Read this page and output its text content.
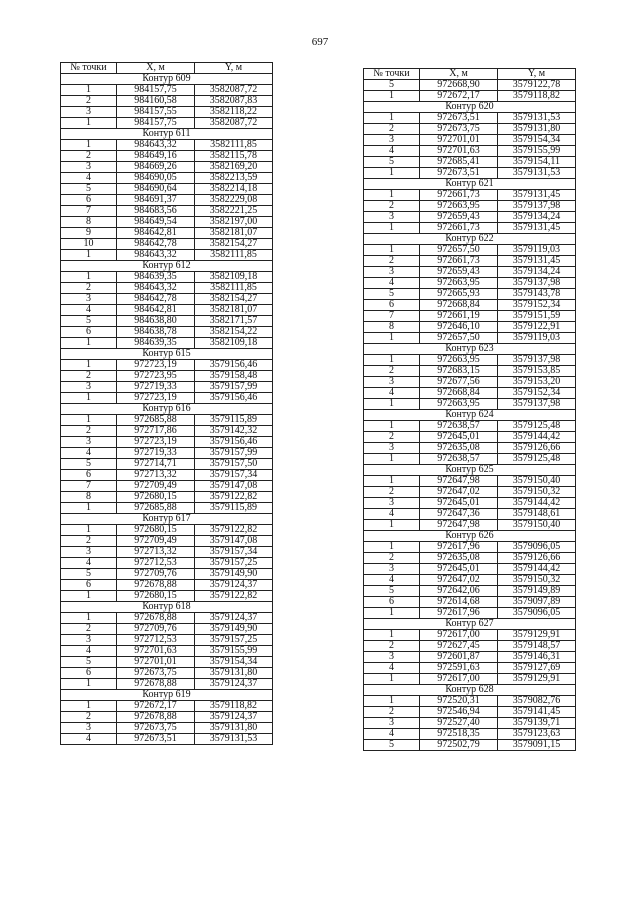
697
№ точки	Х, м	Y, м
Контур 609		
1	984157,75	3582087,72
2	984160,58	3582087,83
3	984157,55	3582118,22
1	984157,75	3582087,72
Контур 611		
1	984643,32	3582111,85
2	984649,16	3582115,78
3	984669,26	3582169,20
4	984690,05	3582213,59
5	984690,64	3582214,18
6	984691,37	3582229,08
7	984683,56	3582221,25
8	984649,54	3582197,00
9	984642,81	3582181,07
10	984642,78	3582154,27
1	984643,32	3582111,85
Контур 612		
1	984639,35	3582109,18
2	984643,32	3582111,85
3	984642,78	3582154,27
4	984642,81	3582181,07
5	984638,80	3582171,57
6	984638,78	3582154,22
1	984639,35	3582109,18
Контур 615		
1	972723,19	3579156,46
2	972723,95	3579158,48
3	972719,33	3579157,99
1	972723,19	3579156,46
Контур 616		
1	972685,88	3579115,89
2	972717,86	3579142,32
3	972723,19	3579156,46
4	972719,33	3579157,99
5	972714,71	3579157,50
6	972713,32	3579157,34
7	972709,49	3579147,08
8	972680,15	3579122,82
1	972685,88	3579115,89
Контур 617		
1	972680,15	3579122,82
2	972709,49	3579147,08
3	972713,32	3579157,34
4	972712,53	3579157,25
5	972709,76	3579149,90
6	972678,88	3579124,37
1	972680,15	3579122,82
Контур 618		
1	972678,88	3579124,37
2	972709,76	3579149,90
3	972712,53	3579157,25
4	972701,63	3579155,99
5	972701,01	3579154,34
6	972673,75	3579131,80
1	972678,88	3579124,37
Контур 619		
1	972672,17	3579118,82
2	972678,88	3579124,37
3	972673,75	3579131,80
4	972673,51	3579131,53
№ точки	Х, м	Y, м
5	972668,90	3579122,78
1	972672,17	3579118,82
Контур 620		
1	972673,51	3579131,53
2	972673,75	3579131,80
3	972701,01	3579154,34
4	972701,63	3579155,99
5	972685,41	3579154,11
1	972673,51	3579131,53
Контур 621		
1	972661,73	3579131,45
2	972663,95	3579137,98
3	972659,43	3579134,24
1	972661,73	3579131,45
Контур 622		
1	972657,50	3579119,03
2	972661,73	3579131,45
3	972659,43	3579134,24
4	972663,95	3579137,98
5	972665,93	3579143,78
6	972668,84	3579152,34
7	972661,19	3579151,59
8	972646,10	3579122,91
1	972657,50	3579119,03
Контур 623		
1	972663,95	3579137,98
2	972683,15	3579153,85
3	972677,56	3579153,20
4	972668,84	3579152,34
1	972663,95	3579137,98
Контур 624		
1	972638,57	3579125,48
2	972645,01	3579144,42
3	972635,08	3579126,66
1	972638,57	3579125,48
Контур 625		
1	972647,98	3579150,40
2	972647,02	3579150,32
3	972645,01	3579144,42
4	972647,36	3579148,61
1	972647,98	3579150,40
Контур 626		
1	972617,96	3579096,05
2	972635,08	3579126,66
3	972645,01	3579144,42
4	972647,02	3579150,32
5	972642,06	3579149,89
6	972614,68	3579097,89
1	972617,96	3579096,05
Контур 627		
1	972617,00	3579129,91
2	972627,45	3579148,57
3	972601,87	3579146,31
4	972591,63	3579127,69
1	972617,00	3579129,91
Контур 628		
1	972520,31	3579082,76
2	972546,94	3579141,45
3	972527,40	3579139,71
4	972518,35	3579123,63
5	972502,79	3579091,15
